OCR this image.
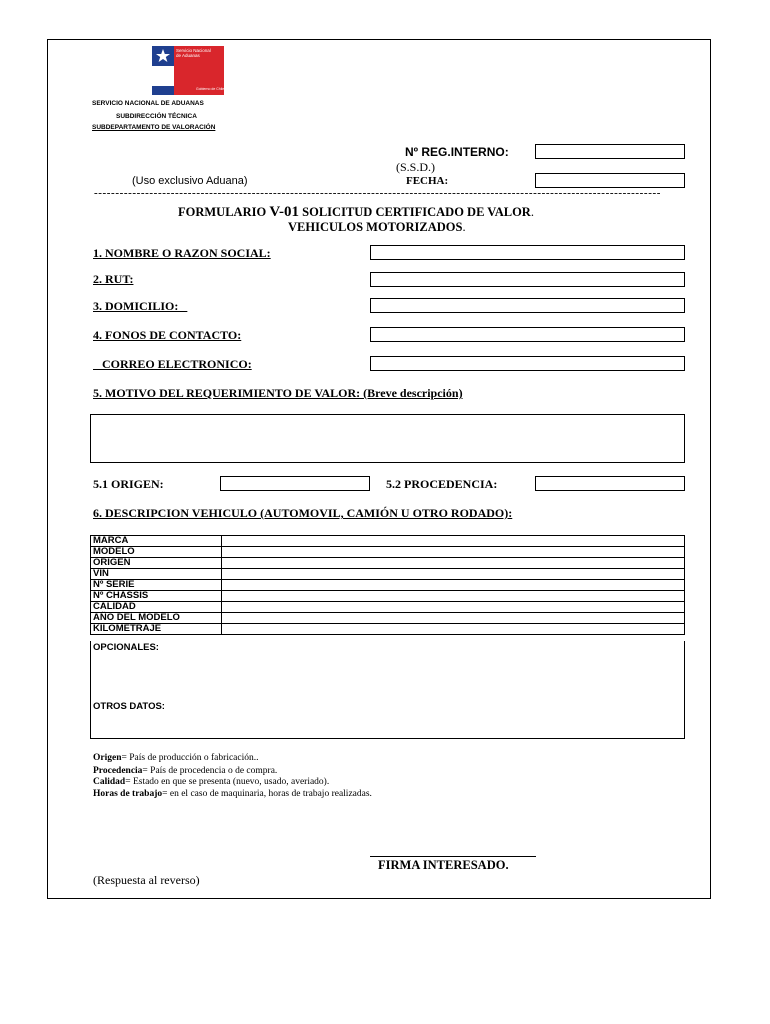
Servicio Nacional de Aduanas
Gobierno de Chile
SERVICIO NACIONAL DE ADUANAS
SUBDIRECCIÓN TÉCNICA
SUBDEPARTAMENTO DE VALORACIÓN
Nº REG.INTERNO:
(S.S.D.)
(Uso exclusivo Aduana)	FECHA:
-------------------------------------------------------------------------------------------------------------------------------------
FORMULARIO V-01 SOLICITUD CERTIFICADO DE VALOR.
VEHICULOS MOTORIZADOS.
1. NOMBRE O RAZON SOCIAL:
2. RUT:
3. DOMICILIO:
4. FONOS DE CONTACTO:
CORREO ELECTRONICO:
5. MOTIVO DEL REQUERIMIENTO DE VALOR: (Breve descripción)
5.1 ORIGEN:	5.2 PROCEDENCIA:
6. DESCRIPCION VEHICULO (AUTOMOVIL, CAMIÓN U OTRO RODADO):
MARCA	
MODELO	
ORIGEN	
VIN	
Nº SERIE	
Nº CHASSIS	
CALIDAD	
AÑO DEL MODELO	
KILOMETRAJE	
OPCIONALES:
OTROS DATOS:
Origen= País de producción o fabricación..
Procedencia= País de procedencia o de compra.
Calidad= Estado en que se presenta (nuevo, usado, averiado).
Horas de trabajo= en el caso de maquinaria, horas de trabajo realizadas.
FIRMA INTERESADO.
(Respuesta al reverso)
